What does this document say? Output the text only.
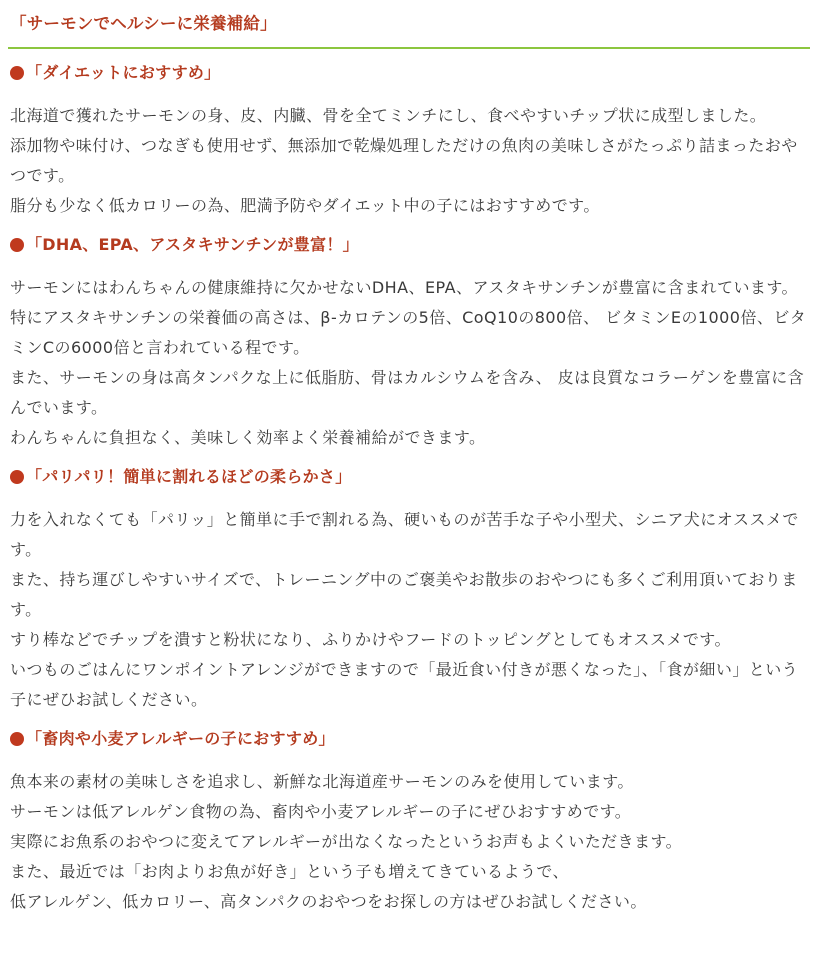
「サーモンでヘルシーに栄養補給」
「ダイエットにおすすめ」

北海道で獲れたサーモンの身、皮、内臓、骨を全てミンチにし、食べやすいチップ状に成型しました。

添加物や味付け、つなぎも使用せず、無添加で乾燥処理しただけの魚肉の美味しさがたっぷり詰まったおやつです。

脂分も少なく低カロリーの為、肥満予防やダイエット中の子にはおすすめです。

「DHA、EPA、アスタキサンチンが豊富！」

サーモンにはわんちゃんの健康維持に欠かせないDHA、EPA、アスタキサンチンが豊富に含まれています。

特にアスタキサンチンの栄養価の高さは、β-カロテンの5倍、CoQ10の800倍、 ビタミンEの1000倍、ビタミンCの6000倍と言われている程です。

また、サーモンの身は高タンパクな上に低脂肪、骨はカルシウムを含み、 皮は良質なコラーゲンを豊富に含んでいます。

わんちゃんに負担なく、美味しく効率よく栄養補給ができます。

「パリパリ！簡単に割れるほどの柔らかさ」

力を入れなくても「パリッ」と簡単に手で割れる為、硬いものが苦手な子や小型犬、シニア犬にオススメです。

また、持ち運びしやすいサイズで、トレーニング中のご褒美やお散歩のおやつにも多くご利用頂いております。

すり棒などでチップを潰すと粉状になり、ふりかけやフードのトッピングとしてもオススメです。

いつものごはんにワンポイントアレンジができますので「最近食い付きが悪くなった」、「食が細い」という子にぜひお試しください。

「畜肉や小麦アレルギーの子におすすめ」

魚本来の素材の美味しさを追求し、新鮮な北海道産サーモンのみを使用しています。

サーモンは低アレルゲン食物の為、畜肉や小麦アレルギーの子にぜひおすすめです。

実際にお魚系のおやつに変えてアレルギーが出なくなったというお声もよくいただきます。

また、最近では「お肉よりお魚が好き」という子も増えてきているようで、

低アレルゲン、低カロリー、高タンパクのおやつをお探しの方はぜひお試しください。
